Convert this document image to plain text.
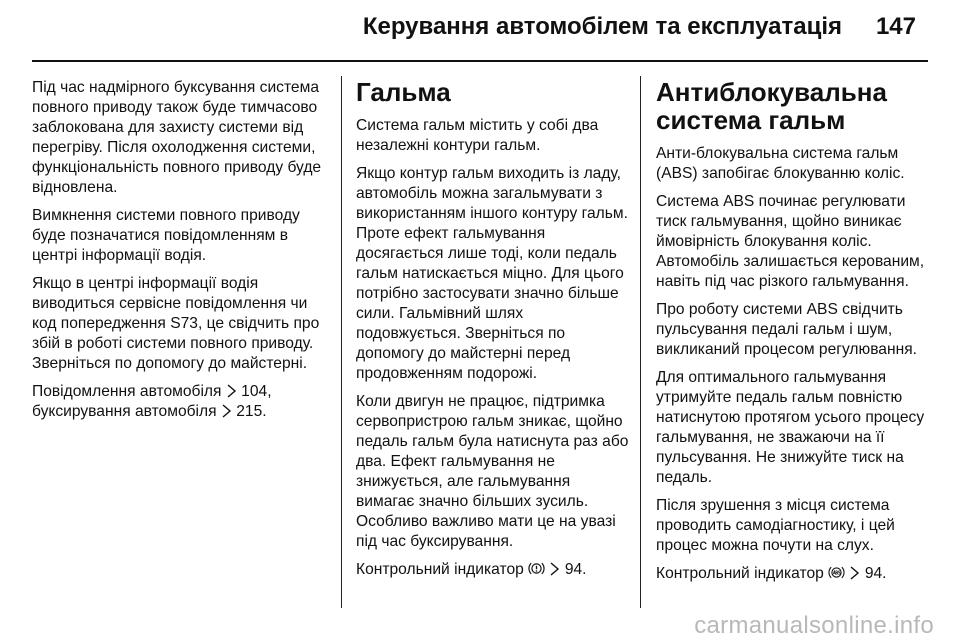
Керування автомобілем та експлуатація 147

Під час надмірного буксування система повного приводу також буде тимчасово заблокована для захисту системи від перегріву. Після охолодження системи, функціональність повного приводу буде відновлена.

Вимкнення системи повного приводу буде позначатися повідомленням в центрі інформації водія.

Якщо в центрі інформації водія виводиться сервісне повідомлення чи код попередження S73, це свідчить про збій в роботі системи повного приводу. Зверніться по допомогу до майстерні.

Повідомлення автомобіля  104,
буксирування автомобіля  215.

Гальма

Система гальм містить у собі два незалежні контури гальм.

Якщо контур гальм виходить із ладу, автомобіль можна загальмувати з використанням іншого контуру гальм. Проте ефект гальмування досягається лише тоді, коли педаль гальм натискається міцно. Для цього потрібно застосувати значно більше сили. Гальмівний шлях подовжується. Зверніться по допомогу до майстерні перед продовженням подорожі.

Коли двигун не працює, підтримка сервопристрою гальм зникає, щойно педаль гальм була натиснута раз або два. Ефект гальмування не знижується, але гальмування вимагає значно більших зусиль. Особливо важливо мати це на увазі під час буксирування.

Контрольний індикатор   94.

Антиблокувальна система гальм

Анти-блокувальна система гальм (ABS) запобігає блокуванню коліс.

Система ABS починає регулювати тиск гальмування, щойно виникає ймовірність блокування коліс. Автомобіль залишається керованим, навіть під час різкого гальмування.

Про роботу системи ABS свідчить пульсування педалі гальм і шум, викликаний процесом регулювання.

Для оптимального гальмування утримуйте педаль гальм повністю натиснутою протягом усього процесу гальмування, не зважаючи на її пульсування. Не знижуйте тиск на педаль.

Після зрушення з місця система проводить самодіагностику, і цей процес можна почути на слух.

Контрольний індикатор   94.

carmanualsonline.info
